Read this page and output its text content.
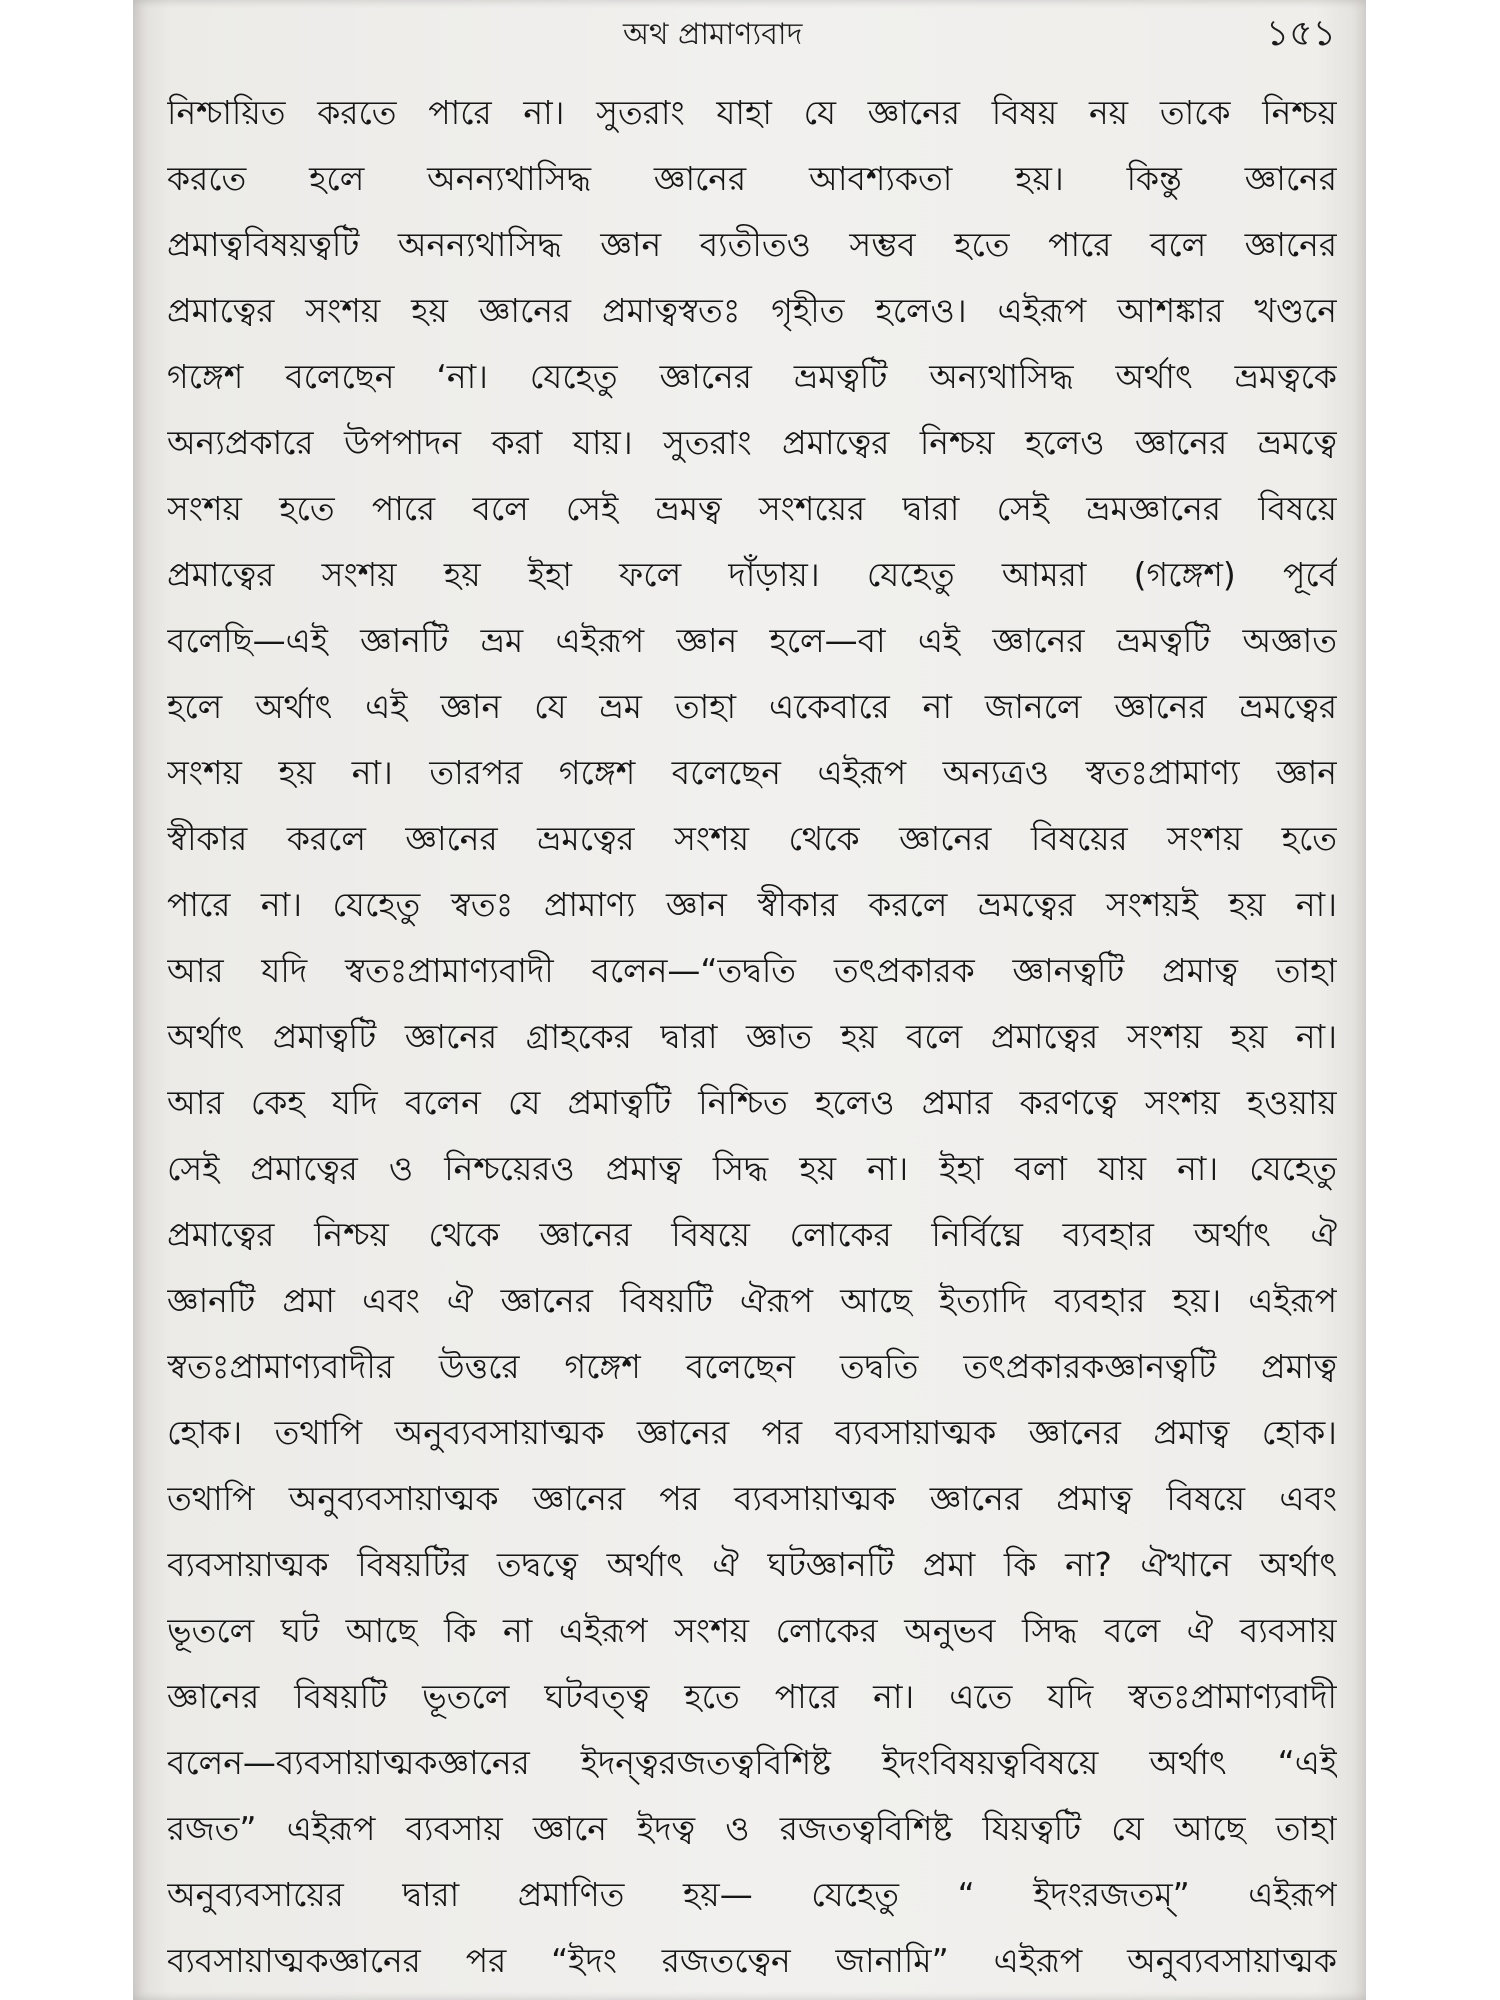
অথ প্রামাণ্যবাদ	১৫১
নিশ্চায়িত করতে পারে না। সুতরাং যাহা যে জ্ঞানের বিষয় নয় তাকে নিশ্চয়
করতে হলে অনন্যথাসিদ্ধ জ্ঞানের আবশ্যকতা হয়। কিন্তু জ্ঞানের
প্রমাত্ববিষয়ত্বটি অনন্যথাসিদ্ধ জ্ঞান ব্যতীতও সম্ভব হতে পারে বলে জ্ঞানের
প্রমাত্বের সংশয় হয় জ্ঞানের প্রমাত্বস্বতঃ গৃহীত হলেও। এইরূপ আশঙ্কার খণ্ডনে
গঙ্গেশ বলেছেন ‘না। যেহেতু জ্ঞানের ভ্রমত্বটি অন্যথাসিদ্ধ অর্থাৎ ভ্রমত্বকে
অন্যপ্রকারে উপপাদন করা যায়। সুতরাং প্রমাত্বের নিশ্চয় হলেও জ্ঞানের ভ্রমত্বে
সংশয় হতে পারে বলে সেই ভ্রমত্ব সংশয়ের দ্বারা সেই ভ্রমজ্ঞানের বিষয়ে
প্রমাত্বের সংশয় হয় ইহা ফলে দাঁড়ায়। যেহেতু আমরা (গঙ্গেশ) পূর্বে
বলেছি—এই জ্ঞানটি ভ্রম এইরূপ জ্ঞান হলে—বা এই জ্ঞানের ভ্রমত্বটি অজ্ঞাত
হলে অর্থাৎ এই জ্ঞান যে ভ্রম তাহা একেবারে না জানলে জ্ঞানের ভ্রমত্বের
সংশয় হয় না। তারপর গঙ্গেশ বলেছেন এইরূপ অন্যত্রও স্বতঃপ্রামাণ্য জ্ঞান
স্বীকার করলে জ্ঞানের ভ্রমত্বের সংশয় থেকে জ্ঞানের বিষয়ের সংশয় হতে
পারে না। যেহেতু স্বতঃ প্রামাণ্য জ্ঞান স্বীকার করলে ভ্রমত্বের সংশয়ই হয় না।
আর যদি স্বতঃপ্রামাণ্যবাদী বলেন—“তদ্বতি তৎপ্রকারক জ্ঞানত্বটি প্রমাত্ব তাহা
অর্থাৎ প্রমাত্বটি জ্ঞানের গ্রাহকের দ্বারা জ্ঞাত হয় বলে প্রমাত্বের সংশয় হয় না।
আর কেহ যদি বলেন যে প্রমাত্বটি নিশ্চিত হলেও প্রমার করণত্বে সংশয় হওয়ায়
সেই প্রমাত্বের ও নিশ্চয়েরও প্রমাত্ব সিদ্ধ হয় না। ইহা বলা যায় না। যেহেতু
প্রমাত্বের নিশ্চয় থেকে জ্ঞানের বিষয়ে লোকের নির্বিঘ্নে ব্যবহার অর্থাৎ ঐ
জ্ঞানটি প্রমা এবং ঐ জ্ঞানের বিষয়টি ঐরূপ আছে ইত্যাদি ব্যবহার হয়। এইরূপ
স্বতঃপ্রামাণ্যবাদীর উত্তরে গঙ্গেশ বলেছেন তদ্বতি তৎপ্রকারকজ্ঞানত্বটি প্রমাত্ব
হোক। তথাপি অনুব্যবসায়াত্মক জ্ঞানের পর ব্যবসায়াত্মক জ্ঞানের প্রমাত্ব হোক।
তথাপি অনুব্যবসায়াত্মক জ্ঞানের পর ব্যবসায়াত্মক জ্ঞানের প্রমাত্ব বিষয়ে এবং
ব্যবসায়াত্মক বিষয়টির তদ্বত্বে অর্থাৎ ঐ ঘটজ্ঞানটি প্রমা কি না? ঐখানে অর্থাৎ
ভূতলে ঘট আছে কি না এইরূপ সংশয় লোকের অনুভব সিদ্ধ বলে ঐ ব্যবসায়
জ্ঞানের বিষয়টি ভূতলে ঘটবত্ত্ব হতে পারে না। এতে যদি স্বতঃপ্রামাণ্যবাদী
বলেন—ব্যবসায়াত্মকজ্ঞানের ইদন্ত্বরজতত্ববিশিষ্ট ইদংবিষয়ত্ববিষয়ে অর্থাৎ “এই
রজত” এইরূপ ব্যবসায় জ্ঞানে ইদত্ব ও রজতত্ববিশিষ্ট যিয়ত্বটি যে আছে তাহা
অনুব্যবসায়ের দ্বারা প্রমাণিত হয়— যেহেতু “ ইদংরজতম্” এইরূপ
ব্যবসায়াত্মকজ্ঞানের পর “ইদং রজতত্বেন জানামি” এইরূপ অনুব্যবসায়াত্মক
